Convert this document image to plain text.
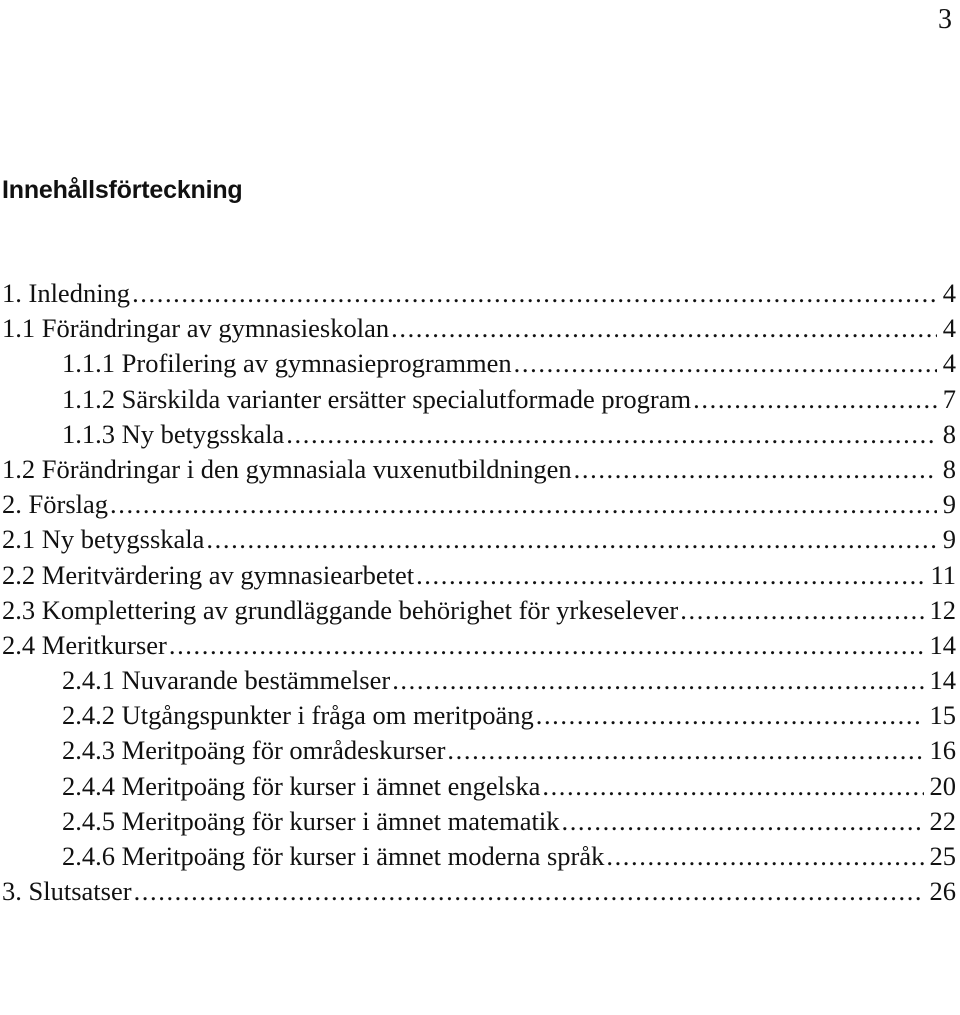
3
Innehållsförteckning
1. Inledning .....	4
1.1 Förändringar av gymnasieskolan .....	4
1.1.1 Profilering av gymnasieprogrammen .....	4
1.1.2 Särskilda varianter ersätter specialutformade program .....	7
1.1.3 Ny betygsskala .....	8
1.2 Förändringar i den gymnasiala vuxenutbildningen .....	8
2. Förslag .....	9
2.1 Ny betygsskala .....	9
2.2 Meritvärdering av gymnasiearbetet .....	11
2.3 Komplettering av grundläggande behörighet för yrkeselever .....	12
2.4 Meritkurser .....	14
2.4.1 Nuvarande bestämmelser .....	14
2.4.2 Utgångspunkter i fråga om meritpoäng .....	15
2.4.3 Meritpoäng för områdeskurser .....	16
2.4.4 Meritpoäng för kurser i ämnet engelska .....	20
2.4.5 Meritpoäng för kurser i ämnet matematik .....	22
2.4.6 Meritpoäng för kurser i ämnet moderna språk .....	25
3. Slutsatser .....	26
